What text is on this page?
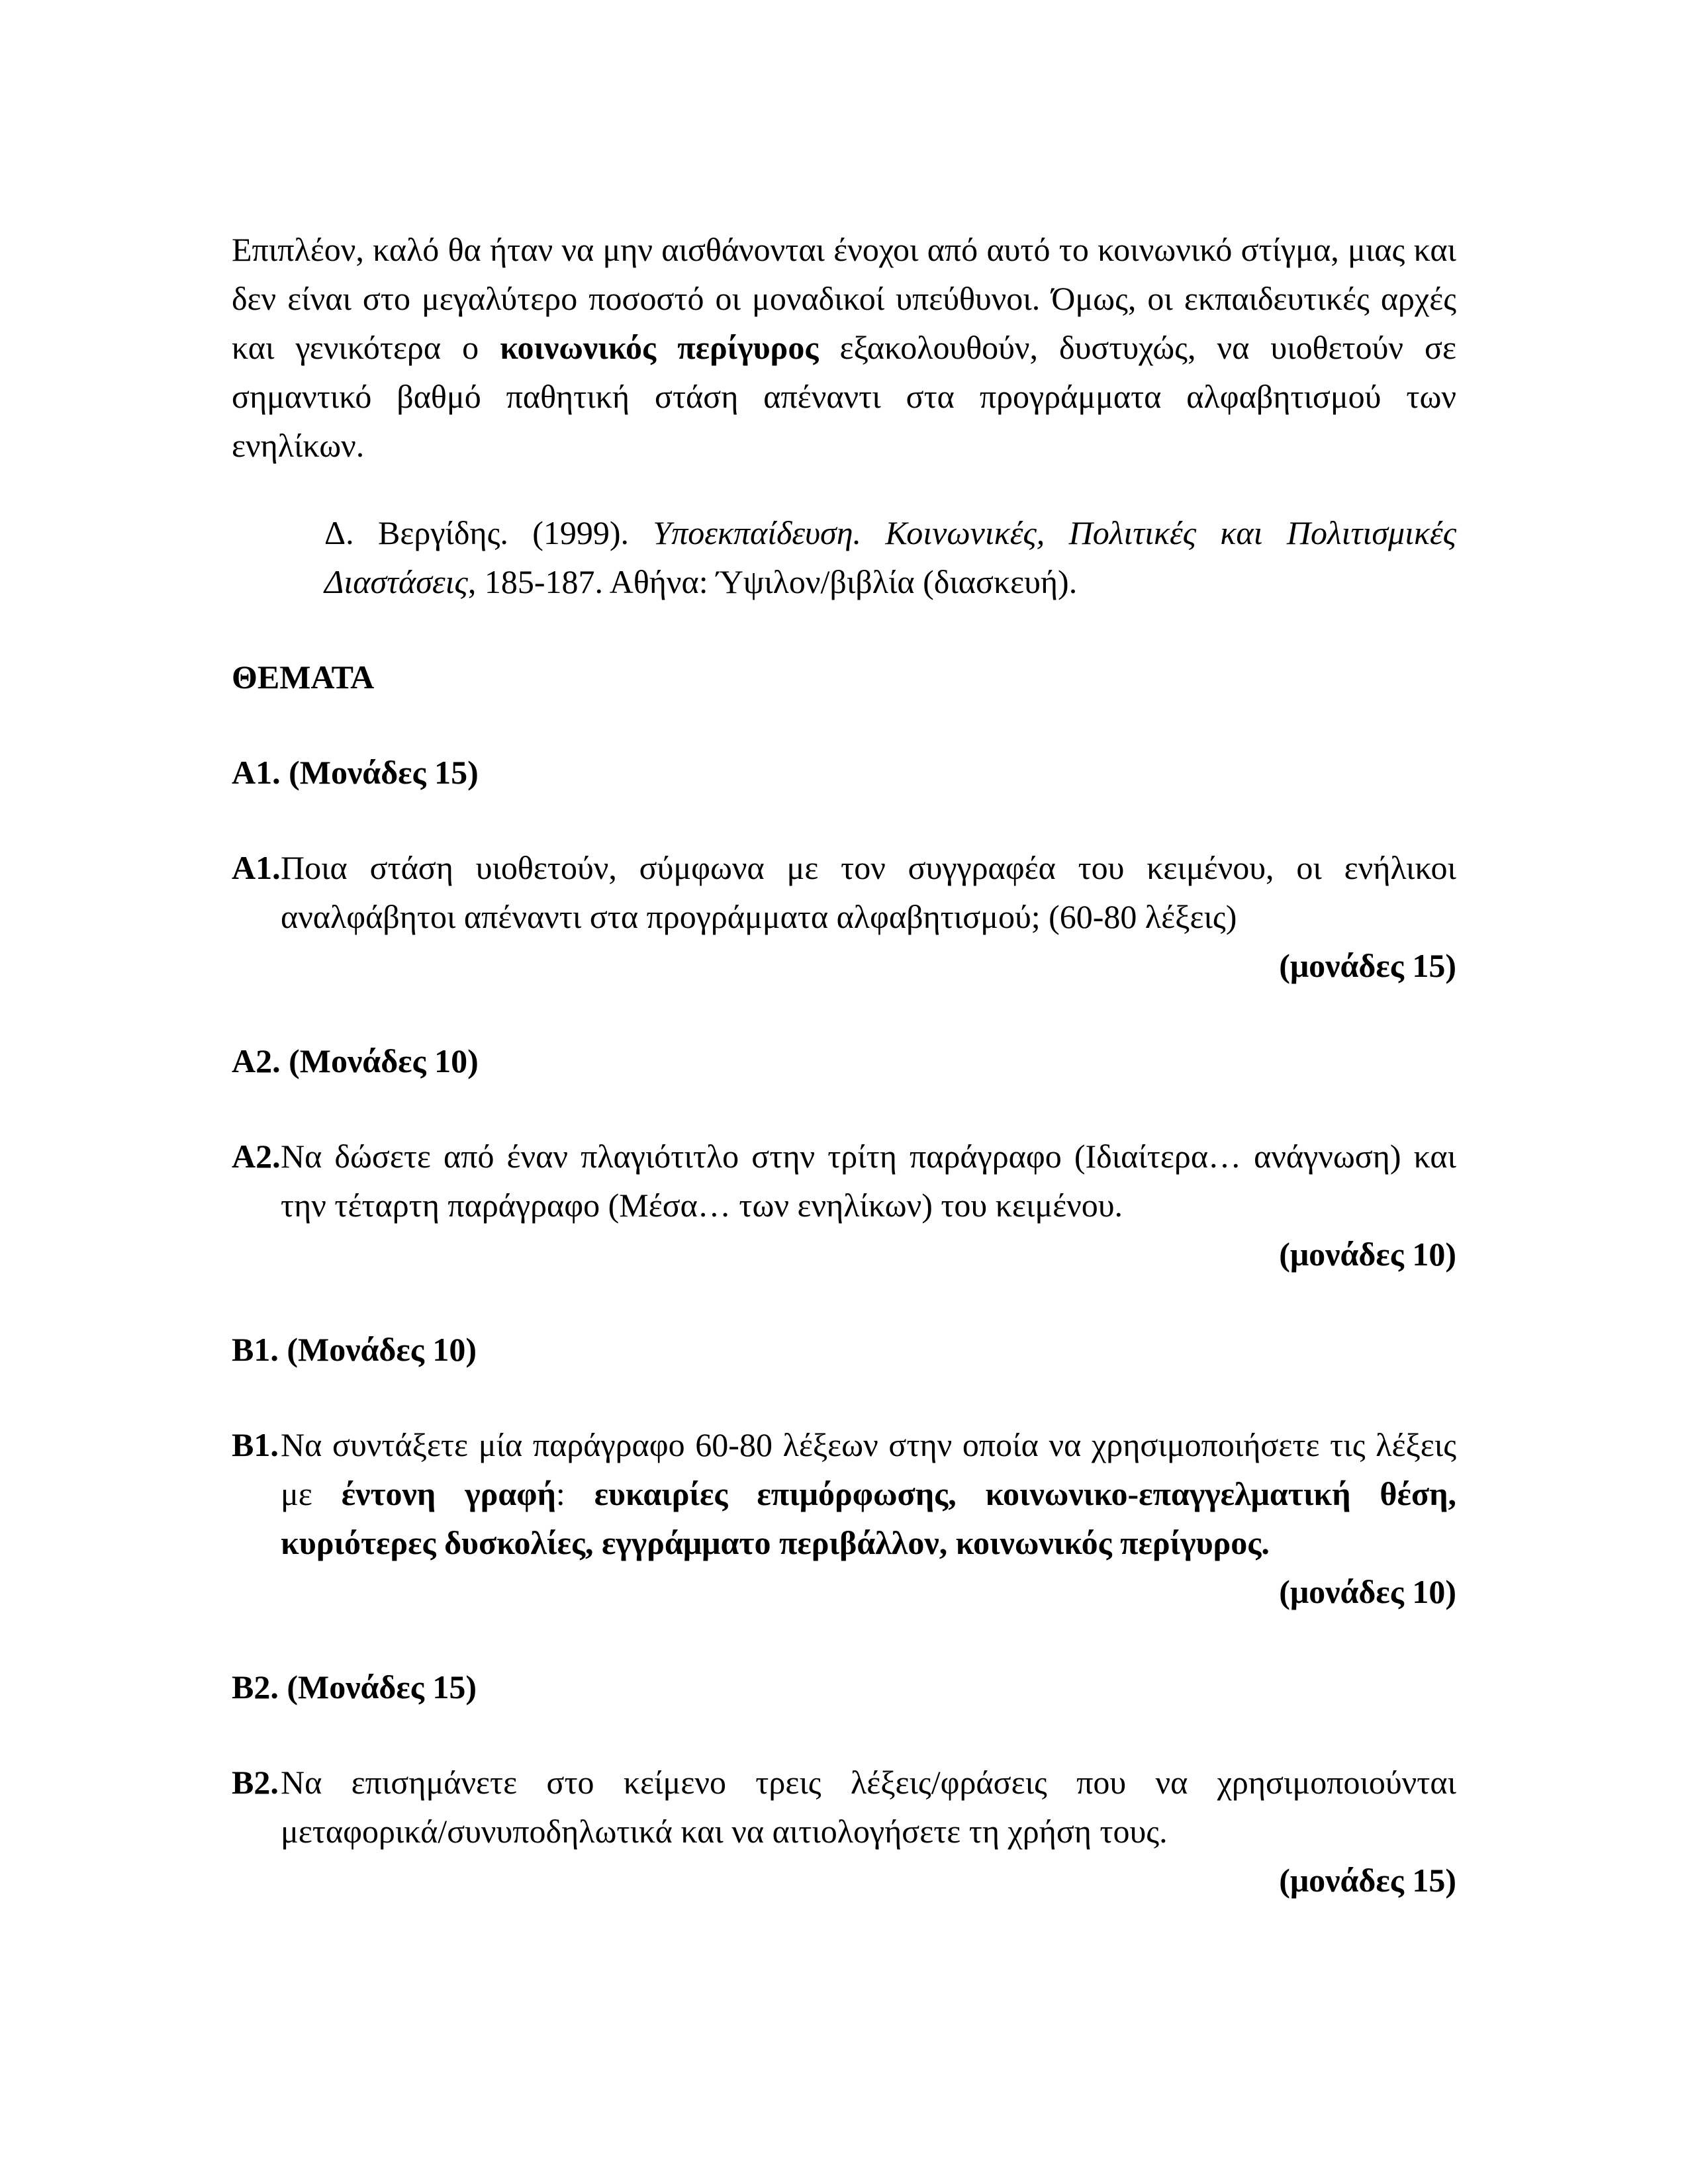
Επιπλέον, καλό θα ήταν να μην αισθάνονται ένοχοι από αυτό το κοινωνικό στίγμα, μιας και δεν είναι στο μεγαλύτερο ποσοστό οι μοναδικοί υπεύθυνοι. Όμως, οι εκπαιδευτικές αρχές και γενικότερα ο κοινωνικός περίγυρος εξακολουθούν, δυστυχώς, να υιοθετούν σε σημαντικό βαθμό παθητική στάση απέναντι στα προγράμματα αλφαβητισμού των ενηλίκων.

Δ. Βεργίδης. (1999). Υποεκπαίδευση. Κοινωνικές, Πολιτικές και Πολιτισμικές Διαστάσεις, 185-187. Αθήνα: Ύψιλον/βιβλία (διασκευή).

ΘΕΜΑΤΑ

Α1. (Μονάδες 15)

Α1. Ποια στάση υιοθετούν, σύμφωνα με τον συγγραφέα του κειμένου, οι ενήλικοι αναλφάβητοι απέναντι στα προγράμματα αλφαβητισμού; (60-80 λέξεις)

(μονάδες 15)

Α2. (Μονάδες 10)

Α2. Να δώσετε από έναν πλαγιότιτλο στην τρίτη παράγραφο (Ιδιαίτερα… ανάγνωση) και την τέταρτη παράγραφο (Μέσα… των ενηλίκων) του κειμένου.

(μονάδες 10)

Β1. (Μονάδες 10)

Β1. Να συντάξετε μία παράγραφο 60-80 λέξεων στην οποία να χρησιμοποιήσετε τις λέξεις με έντονη γραφή: ευκαιρίες επιμόρφωσης, κοινωνικο-επαγγελματική θέση, κυριότερες δυσκολίες, εγγράμματο περιβάλλον, κοινωνικός περίγυρος.

(μονάδες 10)

Β2. (Μονάδες 15)

Β2. Να επισημάνετε στο κείμενο τρεις λέξεις/φράσεις που να χρησιμοποιούνται μεταφορικά/συνυποδηλωτικά και να αιτιολογήσετε τη χρήση τους.

(μονάδες 15)
